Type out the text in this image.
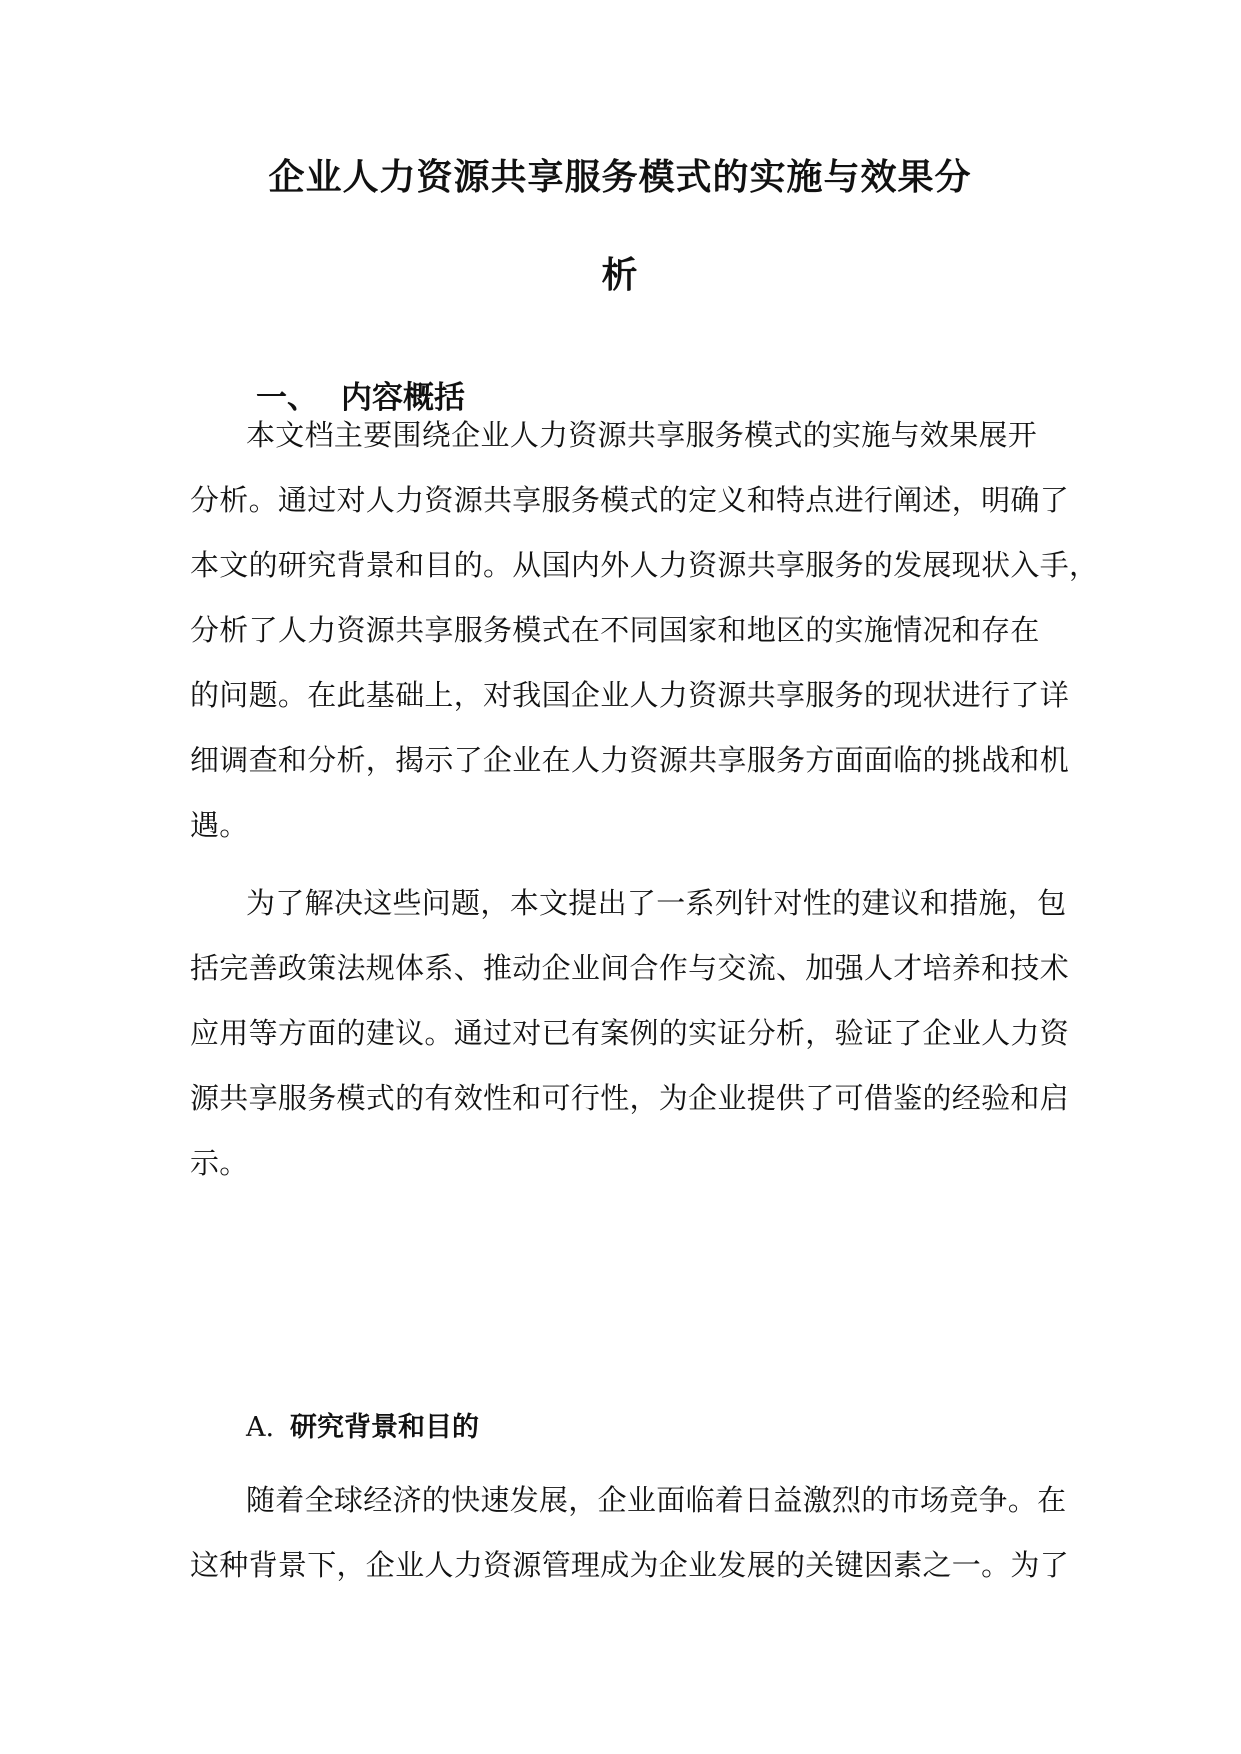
企业人力资源共享服务模式的实施与效果分
析
一、 内容概括

本文档主要围绕企业人力资源共享服务模式的实施与效果展开

分析。通过对人力资源共享服务模式的定义和特点进行阐述，明确了

本文的研究背景和目的。从国内外人力资源共享服务的发展现状入手，

分析了人力资源共享服务模式在不同国家和地区的实施情况和存在

的问题。在此基础上，对我国企业人力资源共享服务的现状进行了详

细调查和分析，揭示了企业在人力资源共享服务方面面临的挑战和机

遇。

为了解决这些问题，本文提出了一系列针对性的建议和措施，包

括完善政策法规体系、推动企业间合作与交流、加强人才培养和技术

应用等方面的建议。通过对已有案例的实证分析，验证了企业人力资

源共享服务模式的有效性和可行性，为企业提供了可借鉴的经验和启

示。

A. 研究背景和目的

随着全球经济的快速发展，企业面临着日益激烈的市场竞争。在

这种背景下，企业人力资源管理成为企业发展的关键因素之一。为了
